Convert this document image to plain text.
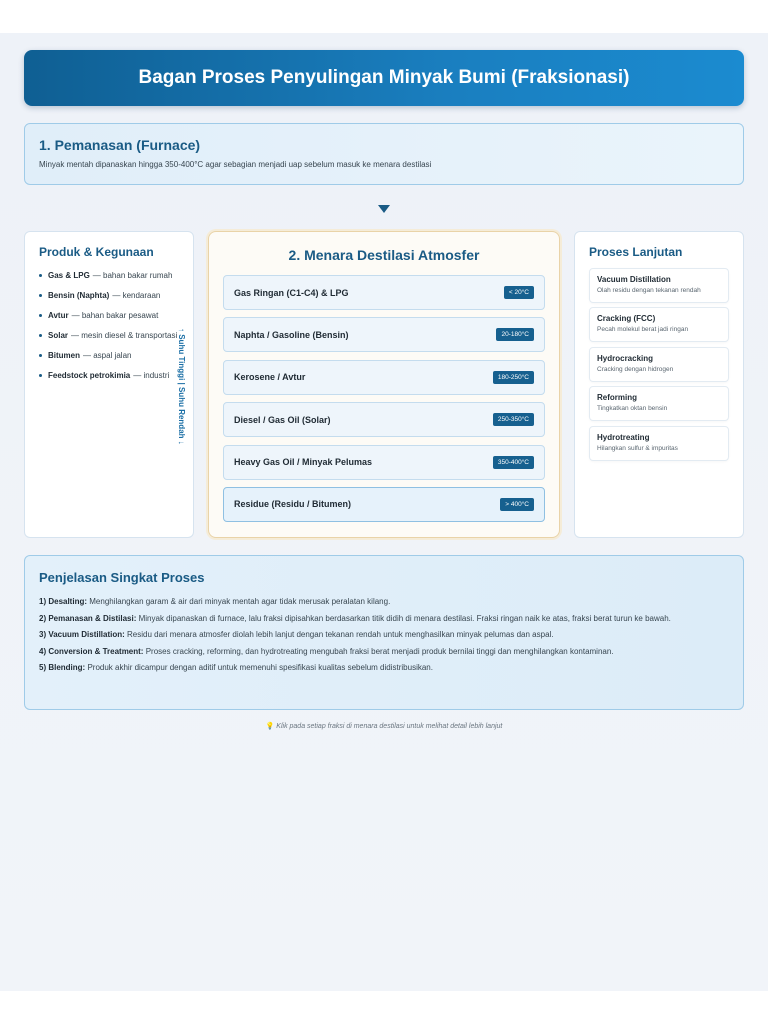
Bagan Proses Penyulingan Minyak Bumi (Fraksionasi)
1. Pemanasan (Furnace)

Minyak mentah dipanaskan hingga 350-400°C agar sebagian menjadi uap sebelum masuk ke menara destilasi

Produk & Kegunaan
Gas & LPG — bahan bakar rumah
Bensin (Naphta) — kendaraan
Avtur — bahan bakar pesawat
Solar — mesin diesel & transportasi
Bitumen — aspal jalan
Feedstock petrokimia — industri ↑ Suhu Tinggi | Suhu Rendah ↓
2. Menara Destilasi Atmosfer
Gas Ringan (C1-C4) & LPG	< 20°C
Naphta / Gasoline (Bensin)	20-180°C
Kerosene / Avtur	180-250°C
Diesel / Gas Oil (Solar)	250-350°C
Heavy Gas Oil / Minyak Pelumas	350-400°C
Residue (Residu / Bitumen)	> 400°C
Proses Lanjutan
Vacuum Distillation
Olah residu dengan tekanan rendah
Cracking (FCC)
Pecah molekul berat jadi ringan
Hydrocracking
Cracking dengan hidrogen
Reforming
Tingkatkan oktan bensin
Hydrotreating
Hilangkan sulfur & impuritas
Penjelasan Singkat Proses

1) Desalting: Menghilangkan garam & air dari minyak mentah agar tidak merusak peralatan kilang.

2) Pemanasan & Distilasi: Minyak dipanaskan di furnace, lalu fraksi dipisahkan berdasarkan titik didih di menara destilasi. Fraksi ringan naik ke atas, fraksi berat turun ke bawah.

3) Vacuum Distillation: Residu dari menara atmosfer diolah lebih lanjut dengan tekanan rendah untuk menghasilkan minyak pelumas dan aspal.

4) Conversion & Treatment: Proses cracking, reforming, dan hydrotreating mengubah fraksi berat menjadi produk bernilai tinggi dan menghilangkan kontaminan.

5) Blending: Produk akhir dicampur dengan aditif untuk memenuhi spesifikasi kualitas sebelum didistribusikan.

💡 Klik pada setiap fraksi di menara destilasi untuk melihat detail lebih lanjut
